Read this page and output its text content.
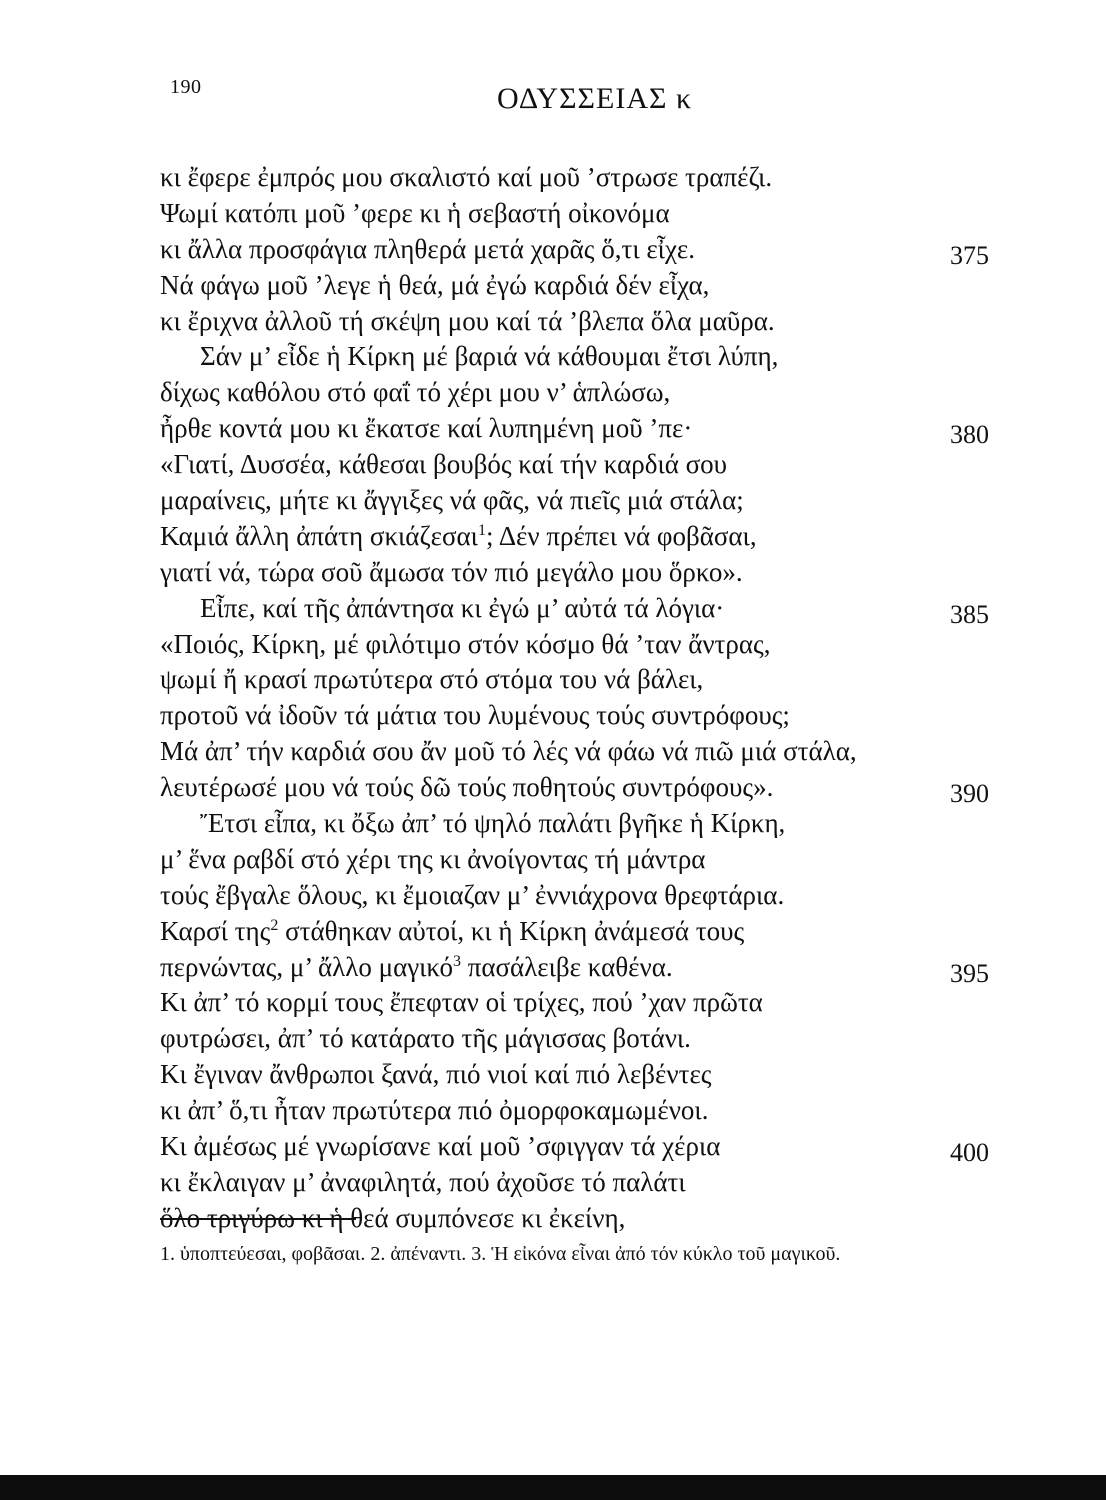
190	ΟΔΥΣΣΕΙΑΣ κ
κι ἔφερε ἐμπρός μου σκαλιστό καί μοῦ ’στρωσε τραπέζι.
Ψωμί κατόπι μοῦ ’φερε κι ἡ σεβαστή οἰκονόμα
κι ἄλλα προσφάγια πληθερά μετά χαρᾶς ὅ,τι εἶχε.	375
Νά φάγω μοῦ ’λεγε ἡ θεά, μά ἐγώ καρδιά δέν εἶχα,
κι ἔριχνα ἀλλοῦ τή σκέψη μου καί τά ’βλεπα ὅλα μαῦρα.
Σάν μ’ εἶδε ἡ Κίρκη μέ βαριά νά κάθουμαι ἔτσι λύπη,
δίχως καθόλου στό φαΐ τό χέρι μου ν’ ἁπλώσω,
ἦρθε κοντά μου κι ἔκατσε καί λυπημένη μοῦ ’πε·	380
«Γιατί, Δυσσέα, κάθεσαι βουβός καί τήν καρδιά σου
μαραίνεις, μήτε κι ἄγγιξες νά φᾶς, νά πιεῖς μιά στάλα;
Καμιά ἄλλη ἀπάτη σκιάζεσαι$^1$; Δέν πρέπει νά φοβᾶσαι,
γιατί νά, τώρα σοῦ ἄμωσα τόν πιό μεγάλο μου ὅρκο».
Εἶπε, καί τῆς ἀπάντησα κι ἐγώ μ’ αὐτά τά λόγια·	385
«Ποιός, Κίρκη, μέ φιλότιμο στόν κόσμο θά ’ταν ἄντρας,
ψωμί ἤ κρασί πρωτύτερα στό στόμα του νά βάλει,
προτοῦ νά ἰδοῦν τά μάτια του λυμένους τούς συντρόφους;
Μά ἀπ’ τήν καρδιά σου ἄν μοῦ τό λές νά φάω νά πιῶ μιά στάλα,
λευτέρωσέ μου νά τούς δῶ τούς ποθητούς συντρόφους».	390
Ἔτσι εἶπα, κι ὄξω ἀπ’ τό ψηλό παλάτι βγῆκε ἡ Κίρκη,
μ’ ἕνα ραβδί στό χέρι της κι ἀνοίγοντας τή μάντρα
τούς ἔβγαλε ὅλους, κι ἔμοιαζαν μ’ ἐννιάχρονα θρεφτάρια.
Καρσί της$^2$ στάθηκαν αὐτοί, κι ἡ Κίρκη ἀνάμεσά τους
περνώντας, μ’ ἄλλο μαγικό$^3$ πασάλειβε καθένα.	395
Κι ἀπ’ τό κορμί τους ἔπεφταν οἱ τρίχες, πού ’χαν πρῶτα
φυτρώσει, ἀπ’ τό κατάρατο τῆς μάγισσας βοτάνι.
Κι ἔγιναν ἄνθρωποι ξανά, πιό νιοί καί πιό λεβέντες
κι ἀπ’ ὅ,τι ἦταν πρωτύτερα πιό ὀμορφοκαμωμένοι.
Κι ἀμέσως μέ γνωρίσανε καί μοῦ ’σφιγγαν τά χέρια	400
κι ἔκλαιγαν μ’ ἀναφιλητά, πού ἀχοῦσε τό παλάτι
ὅλο τριγύρω κι ἡ θεά συμπόνεσε κι ἐκείνη,
1. ὑποπτεύεσαι, φοβᾶσαι. 2. ἀπέναντι. 3. Ἡ εἰκόνα εἶναι ἀπό τόν κύκλο τοῦ μαγικοῦ.
